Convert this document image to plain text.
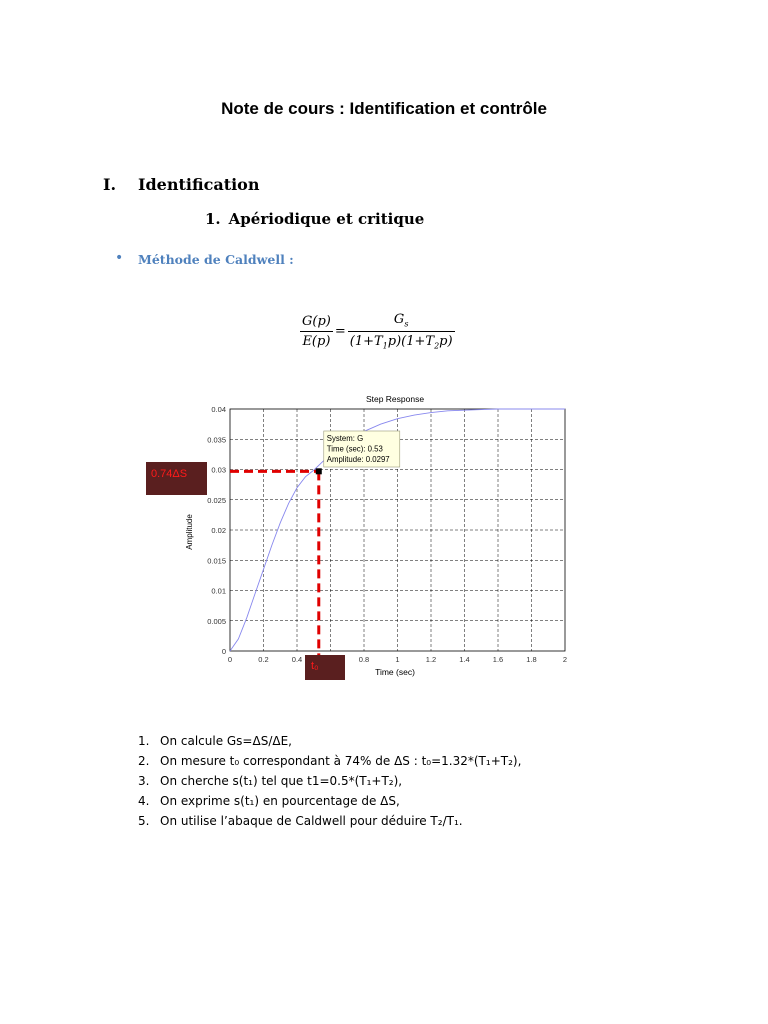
Note de cours : Identification et contrôle
I. Identification
1. Apériodique et critique
• Méthode de Caldwell :
$\frac{G(p)}{E(p)} = \frac{G_s}{(1+T_1p)(1+T_2p)}$
Step Response
Time (sec)
Amplitude
0	0.2	0.4	0.8	1	1.2	1.4	1.6	1.8	2
0
0.005
0.01
0.015
0.02
0.025
0.03
0.035
0.04
System: G
Time (sec): 0.53
Amplitude: 0.0297
0.74ΔS
t₀
1. On calcule Gs=ΔS/ΔE,
2. On mesure t₀ correspondant à 74% de ΔS : t₀=1.32*(T₁+T₂),
3. On cherche s(t₁) tel que t1=0.5*(T₁+T₂),
4. On exprime s(t₁) en pourcentage de ΔS,
5. On utilise l’abaque de Caldwell pour déduire T₂/T₁.
